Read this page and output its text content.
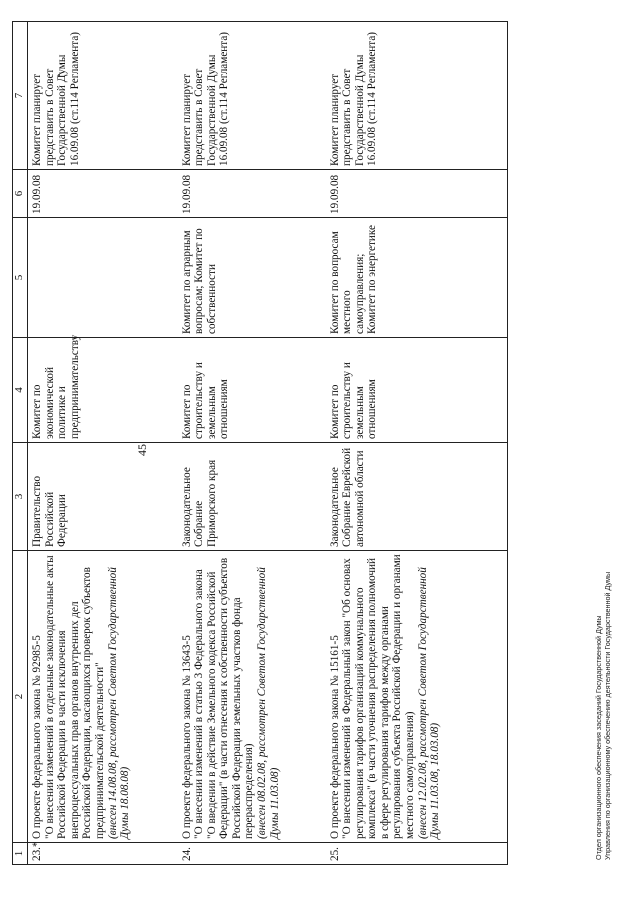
45
1	2	3	4	5	6	7
23.*	О проекте федерального закона № 92985-5 "О внесении изменений в отдельные законодательные акты Российской Федерации в части исключения внепроцессуальных прав органов внутренних дел Российской Федерации, касающихся проверок субъектов предпринимательской деятельности" (внесен 14.08.08, рассмотрен Советом Государственной Думы 18.08.08)	Правительство Российской Федерации	Комитет по экономической политике и предпринимательству		19.09.08	Комитет планирует представить в Совет Государственной Думы 16.09.08 (ст.114 Регламента)
24.	О проекте федерального закона № 13643-5 "О внесении изменений в статью 3 Федерального закона "О введении в действие Земельного кодекса Российской Федерации" (в части отнесения к собственности субъектов Российской Федерации земельных участков фонда перераспределения) (внесен 08.02.08, рассмотрен Советом Государственной Думы 11.03.08)	Законодательное Собрание Приморского края	Комитет по строительству и земельным отношениям	Комитет по аграрным вопросам; Комитет по собственности	19.09.08	Комитет планирует представить в Совет Государственной Думы 16.09.08 (ст.114 Регламента)
25.	О проекте федерального закона № 15161-5 "О внесении изменений в Федеральный закон "Об основах регулирования тарифов организаций коммунального комплекса" (в части уточнения распределения полномочий в сфере регулирования тарифов между органами регулирования субъекта Российской Федерации и органами местного самоуправления) (внесен 12.02.08, рассмотрен Советом Государственной Думы 11.03.08, 18.03.08)	Законодательное Собрание Еврейской автономной области	Комитет по строительству и земельным отношениям	Комитет по вопросам местного самоуправления; Комитет по энергетике	19.09.08	Комитет планирует представить в Совет Государственной Думы 16.09.08 (ст.114 Регламента)
Отдел организационного обеспечения заседаний Государственной Думы Управления по организационному обеспечению деятельности Государственной Думы
